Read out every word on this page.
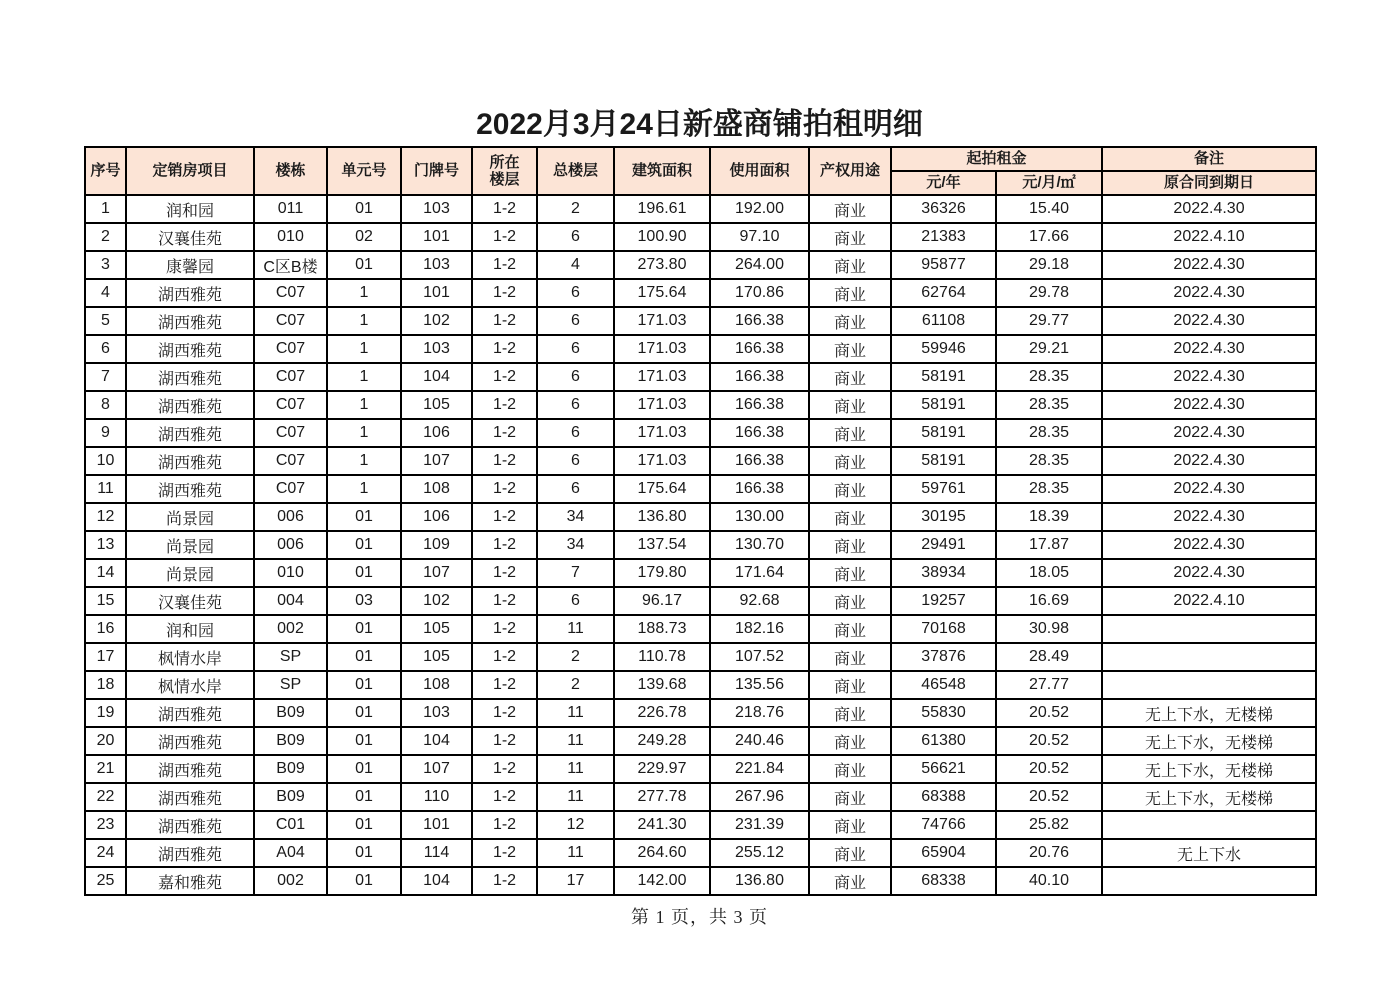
2022月3月24日新盛商铺拍租明细
序号	定销房项目	楼栋	单元号	门牌号	所在楼层	总楼层	建筑面积	使用面积	产权用途	起拍租金		备注
										元/年	元/月/㎡	原合同到期日
1	润和园	011	01	103	1-2	2	196.61	192.00	商业	36326	15.40	2022.4.30
2	汉襄佳苑	010	02	101	1-2	6	100.90	97.10	商业	21383	17.66	2022.4.10
3	康馨园	C区B楼	01	103	1-2	4	273.80	264.00	商业	95877	29.18	2022.4.30
4	湖西雅苑	C07	1	101	1-2	6	175.64	170.86	商业	62764	29.78	2022.4.30
5	湖西雅苑	C07	1	102	1-2	6	171.03	166.38	商业	61108	29.77	2022.4.30
6	湖西雅苑	C07	1	103	1-2	6	171.03	166.38	商业	59946	29.21	2022.4.30
7	湖西雅苑	C07	1	104	1-2	6	171.03	166.38	商业	58191	28.35	2022.4.30
8	湖西雅苑	C07	1	105	1-2	6	171.03	166.38	商业	58191	28.35	2022.4.30
9	湖西雅苑	C07	1	106	1-2	6	171.03	166.38	商业	58191	28.35	2022.4.30
10	湖西雅苑	C07	1	107	1-2	6	171.03	166.38	商业	58191	28.35	2022.4.30
11	湖西雅苑	C07	1	108	1-2	6	175.64	166.38	商业	59761	28.35	2022.4.30
12	尚景园	006	01	106	1-2	34	136.80	130.00	商业	30195	18.39	2022.4.30
13	尚景园	006	01	109	1-2	34	137.54	130.70	商业	29491	17.87	2022.4.30
14	尚景园	010	01	107	1-2	7	179.80	171.64	商业	38934	18.05	2022.4.30
15	汉襄佳苑	004	03	102	1-2	6	96.17	92.68	商业	19257	16.69	2022.4.10
16	润和园	002	01	105	1-2	11	188.73	182.16	商业	70168	30.98	
17	枫情水岸	SP	01	105	1-2	2	110.78	107.52	商业	37876	28.49	
18	枫情水岸	SP	01	108	1-2	2	139.68	135.56	商业	46548	27.77	
19	湖西雅苑	B09	01	103	1-2	11	226.78	218.76	商业	55830	20.52	无上下水，无楼梯
20	湖西雅苑	B09	01	104	1-2	11	249.28	240.46	商业	61380	20.52	无上下水，无楼梯
21	湖西雅苑	B09	01	107	1-2	11	229.97	221.84	商业	56621	20.52	无上下水，无楼梯
22	湖西雅苑	B09	01	110	1-2	11	277.78	267.96	商业	68388	20.52	无上下水，无楼梯
23	湖西雅苑	C01	01	101	1-2	12	241.30	231.39	商业	74766	25.82	
24	湖西雅苑	A04	01	114	1-2	11	264.60	255.12	商业	65904	20.76	无上下水
25	嘉和雅苑	002	01	104	1-2	17	142.00	136.80	商业	68338	40.10	
第 1 页，共 3 页
